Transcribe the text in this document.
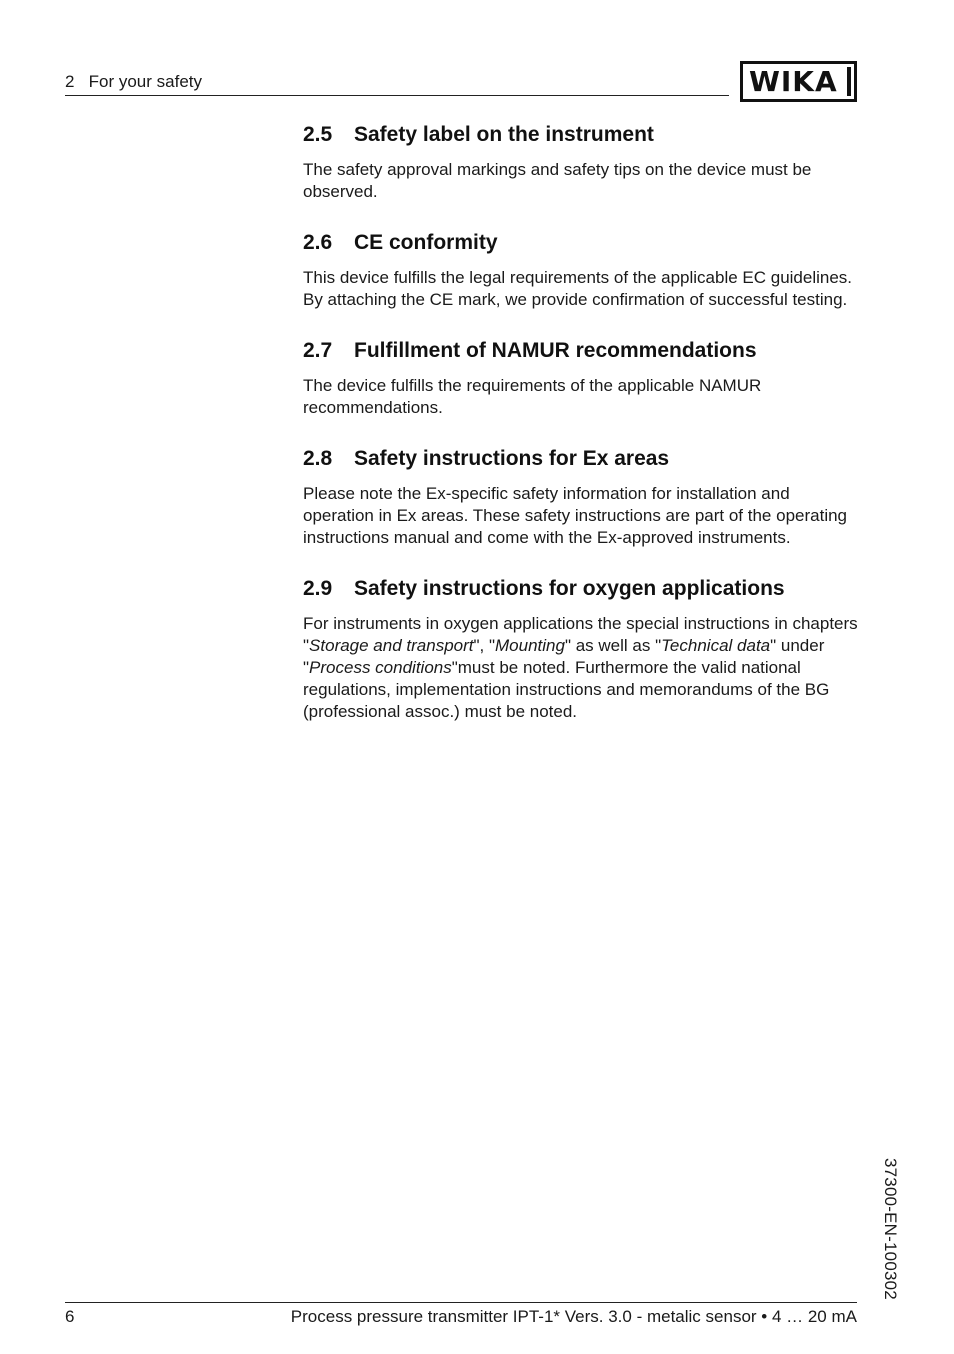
2   For your safety	WIKA
2.5 Safety label on the instrument

The safety approval markings and safety tips on the device must be observed.

2.6 CE conformity

This device fulfills the legal requirements of the applicable EC guidelines. By attaching the CE mark, we provide confirmation of successful testing.

2.7 Fulfillment of NAMUR recommendations

The device fulfills the requirements of the applicable NAMUR recommendations.

2.8 Safety instructions for Ex areas

Please note the Ex-specific safety information for installation and operation in Ex areas. These safety instructions are part of the operating instructions manual and come with the Ex-approved instruments.

2.9 Safety instructions for oxygen applications

For instruments in oxygen applications the special instructions in chapters "Storage and transport", "Mounting" as well as "Technical data" under "Process conditions"must be noted. Furthermore the valid national regulations, implementation instructions and memorandums of the BG (professional assoc.) must be noted.

37300-EN-100302
6	Process pressure transmitter IPT-1* Vers. 3.0 - metalic sensor • 4 … 20 mA
